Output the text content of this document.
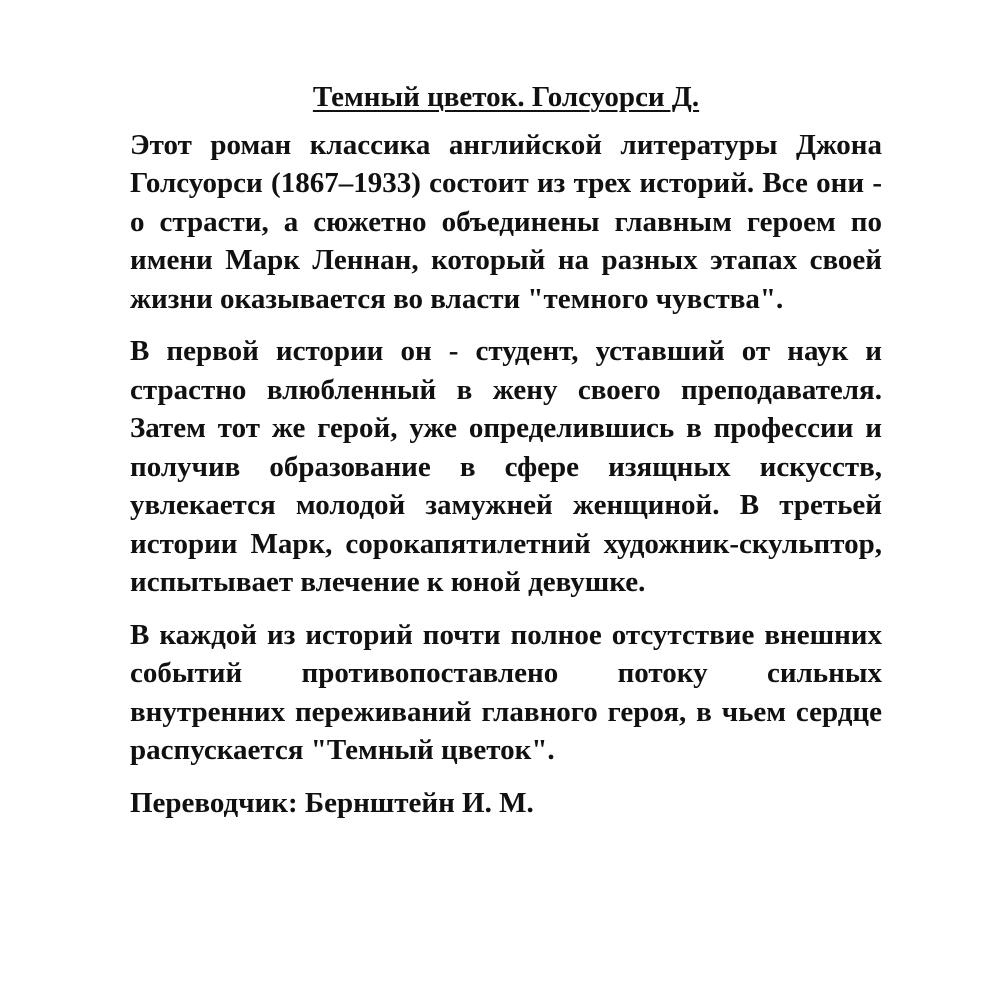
Темный цветок. Голсуорси Д.

Этот роман классика английской литературы Джона Голсуорси (1867–1933) состоит из трех историй. Все они - о страсти, а сюжетно объединены главным героем по имени Марк Леннан, который на разных этапах своей жизни оказывается во власти "темного чувства".

В первой истории он - студент, уставший от наук и страстно влюбленный в жену своего преподавателя. Затем тот же герой, уже определившись в профессии и получив образование в сфере изящных искусств, увлекается молодой замужней женщиной. В третьей истории Марк, сорокапятилетний художник-скульптор, испытывает влечение к юной девушке.

В каждой из историй почти полное отсутствие внешних событий противопоставлено потоку сильных внутренних переживаний главного героя, в чьем сердце распускается "Темный цветок".

Переводчик: Бернштейн И. М.
